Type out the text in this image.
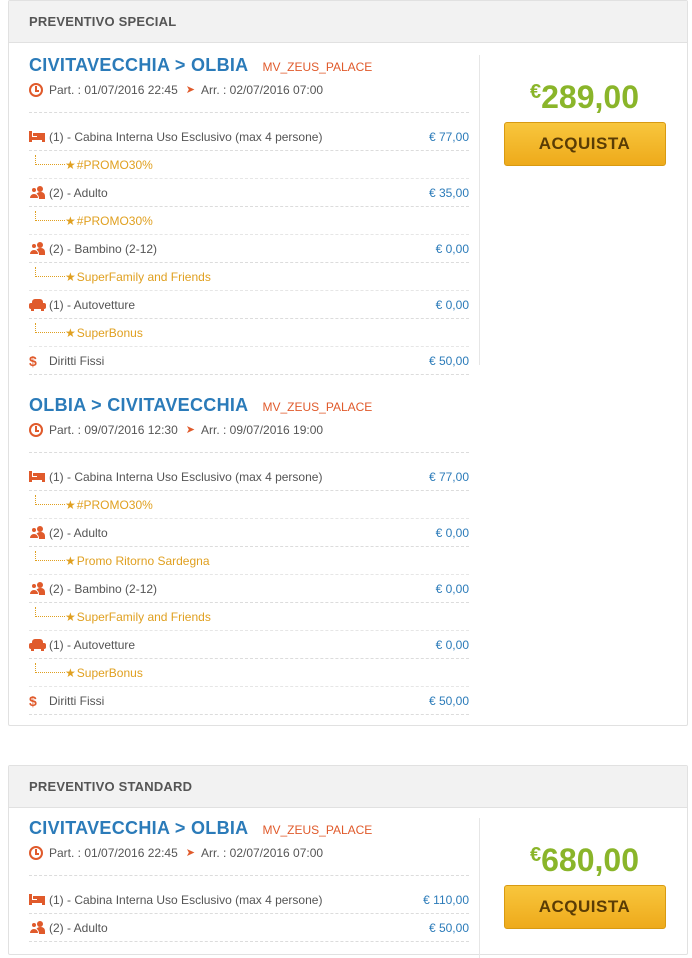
PREVENTIVO SPECIAL
CIVITAVECCHIA > OLBIA MV_ZEUS_PALACE
Part. : 01/07/2016 22:45 ➤ Arr. : 02/07/2016 07:00
(1) - Cabina Interna Uso Esclusivo (max 4 persone)	€ 77,00
★ #PROMO30%
(2) - Adulto	€ 35,00
★ #PROMO30%
(2) - Bambino (2-12)	€ 0,00
★ SuperFamily and Friends
(1) - Autovetture	€ 0,00
★ SuperBonus
$	Diritti Fissi	€ 50,00
OLBIA > CIVITAVECCHIA MV_ZEUS_PALACE
Part. : 09/07/2016 12:30 ➤ Arr. : 09/07/2016 19:00
(1) - Cabina Interna Uso Esclusivo (max 4 persone)	€ 77,00
★ #PROMO30%
(2) - Adulto	€ 0,00
★ Promo Ritorno Sardegna
(2) - Bambino (2-12)	€ 0,00
★ SuperFamily and Friends
(1) - Autovetture	€ 0,00
★ SuperBonus
$	Diritti Fissi	€ 50,00
€289,00
ACQUISTA
PREVENTIVO STANDARD
CIVITAVECCHIA > OLBIA MV_ZEUS_PALACE
Part. : 01/07/2016 22:45 ➤ Arr. : 02/07/2016 07:00
(1) - Cabina Interna Uso Esclusivo (max 4 persone)	€ 110,00
(2) - Adulto	€ 50,00
€680,00
ACQUISTA
